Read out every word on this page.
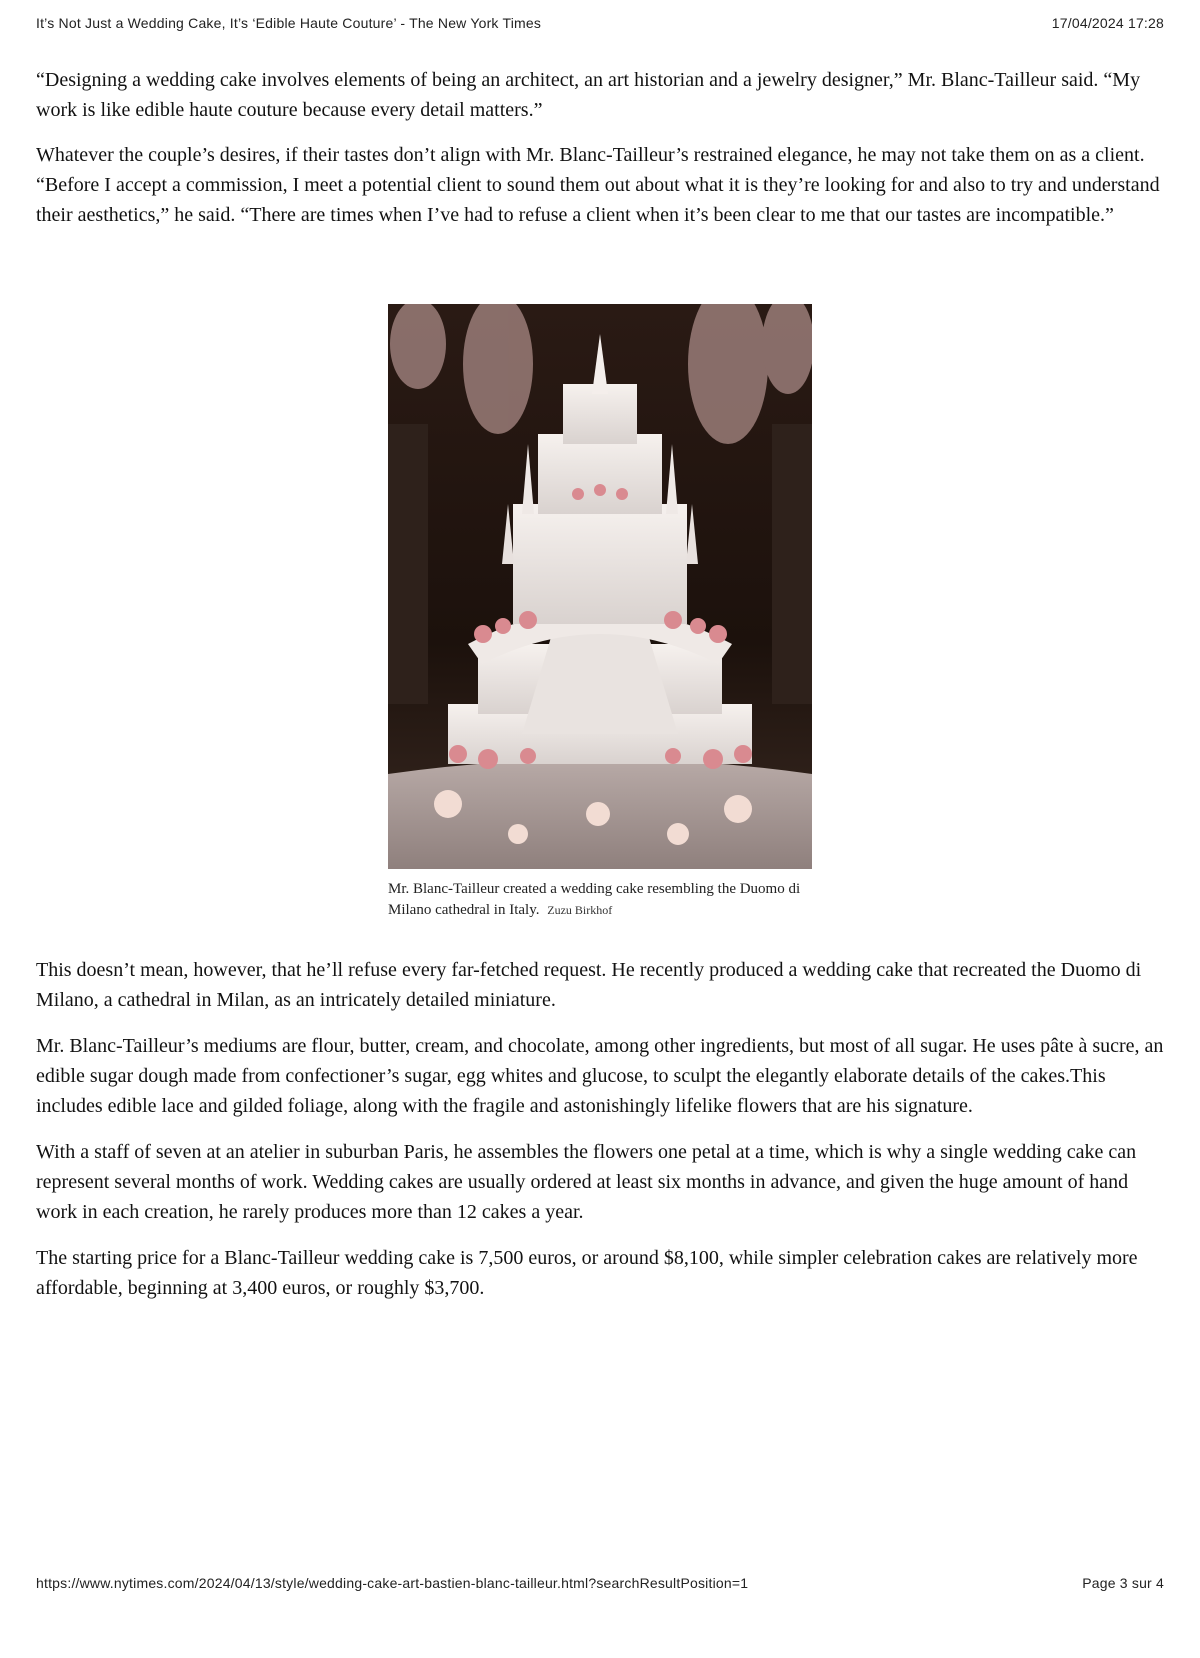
It’s Not Just a Wedding Cake, It’s ‘Edible Haute Couture’ - The New York Times	17/04/2024 17:28

“Designing a wedding cake involves elements of being an architect, an art historian and a jewelry designer,” Mr. Blanc-Tailleur said. “My work is like edible haute couture because every detail matters.”

Whatever the couple’s desires, if their tastes don’t align with Mr. Blanc-Tailleur’s restrained elegance, he may not take them on as a client. “Before I accept a commission, I meet a potential client to sound them out about what it is they’re looking for and also to try and understand their aesthetics,” he said. “There are times when I’ve had to refuse a client when it’s been clear to me that our tastes are incompatible.”

Mr. Blanc-Tailleur created a wedding cake resembling the Duomo di Milano cathedral in Italy. Zuzu Birkhof

This doesn’t mean, however, that he’ll refuse every far-fetched request. He recently produced a wedding cake that recreated the Duomo di Milano, a cathedral in Milan, as an intricately detailed miniature.

Mr. Blanc-Tailleur’s mediums are flour, butter, cream, and chocolate, among other ingredients, but most of all sugar. He uses pâte à sucre, an edible sugar dough made from confectioner’s sugar, egg whites and glucose, to sculpt the elegantly elaborate details of the cakes.This includes edible lace and gilded foliage, along with the fragile and astonishingly lifelike flowers that are his signature.

With a staff of seven at an atelier in suburban Paris, he assembles the flowers one petal at a time, which is why a single wedding cake can represent several months of work. Wedding cakes are usually ordered at least six months in advance, and given the huge amount of hand work in each creation, he rarely produces more than 12 cakes a year.

The starting price for a Blanc-Tailleur wedding cake is 7,500 euros, or around $8,100, while simpler celebration cakes are relatively more affordable, beginning at 3,400 euros, or roughly $3,700.

https://www.nytimes.com/2024/04/13/style/wedding-cake-art-bastien-blanc-tailleur.html?searchResultPosition=1	Page 3 sur 4
